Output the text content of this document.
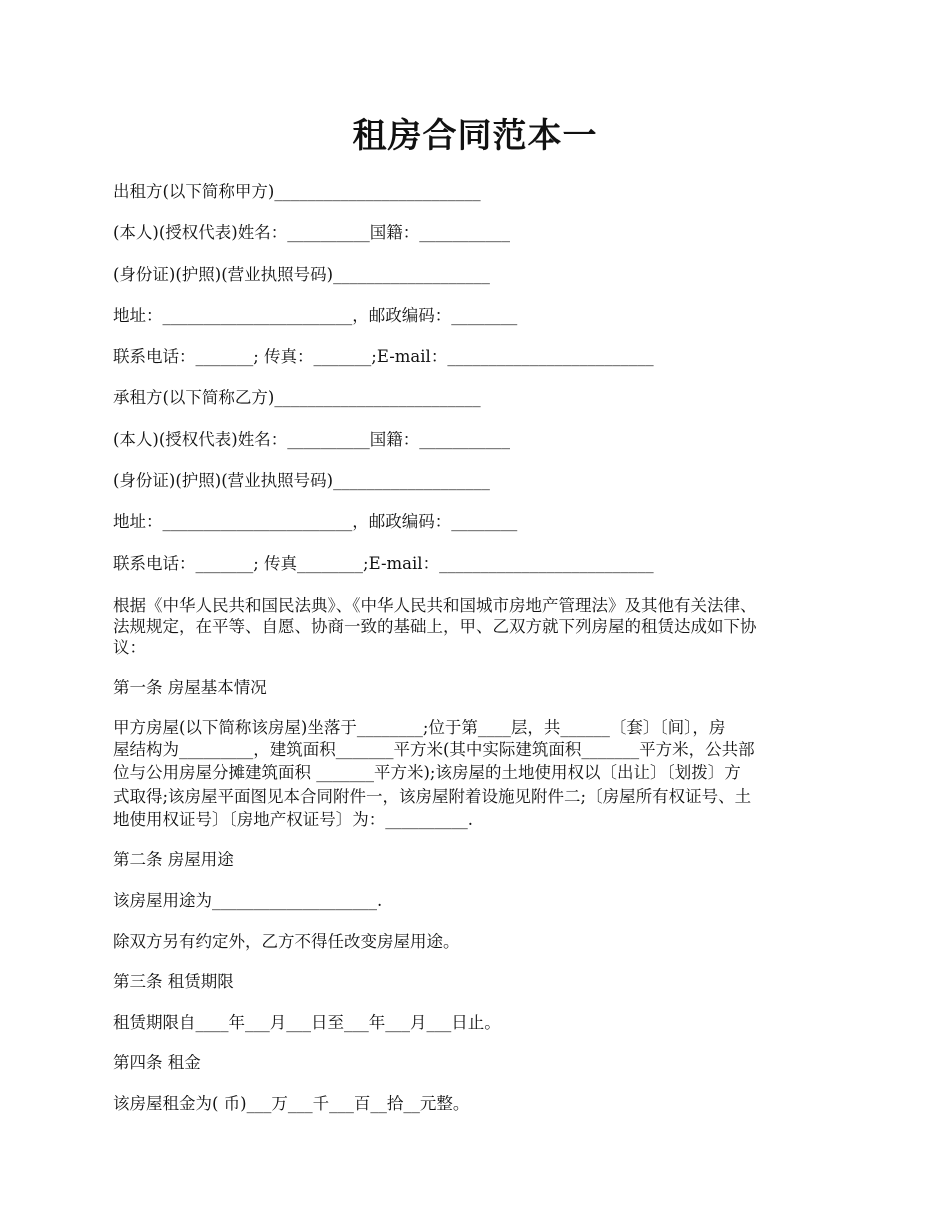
租房合同范本一
出租方(以下简称甲方)_________________________
(本人)(授权代表)姓名：__________国籍：___________
(身份证)(护照)(营业执照号码)___________________
地址：_______________________，邮政编码：________
联系电话：_______; 传真：_______;E-mail：_________________________
承租方(以下简称乙方)_________________________
(本人)(授权代表)姓名：__________国籍：___________
(身份证)(护照)(营业执照号码)___________________
地址：_______________________，邮政编码：________
联系电话：_______; 传真________;E-mail：__________________________
根据《中华人民共和国民法典》、《中华人民共和国城市房地产管理法》及其他有关法律、
法规规定，在平等、自愿、协商一致的基础上，甲、乙双方就下列房屋的租赁达成如下协
议：
第一条 房屋基本情况
甲方房屋(以下简称该房屋)坐落于________;位于第____层，共______〔套〕〔间〕，房
屋结构为_________，建筑面积_______平方米(其中实际建筑面积_______平方米，公共部
位与公用房屋分摊建筑面积 _______平方米);该房屋的土地使用权以〔出让〕〔划拨〕方
式取得;该房屋平面图见本合同附件一，该房屋附着设施见附件二;〔房屋所有权证号、土
地使用权证号〕〔房地产权证号〕为：__________.
第二条 房屋用途
该房屋用途为____________________.
除双方另有约定外，乙方不得任改变房屋用途。
第三条 租赁期限
租赁期限自____年___月___日至___年___月___日止。
第四条 租金
该房屋租金为( 币)___万___千___百__拾__元整。
